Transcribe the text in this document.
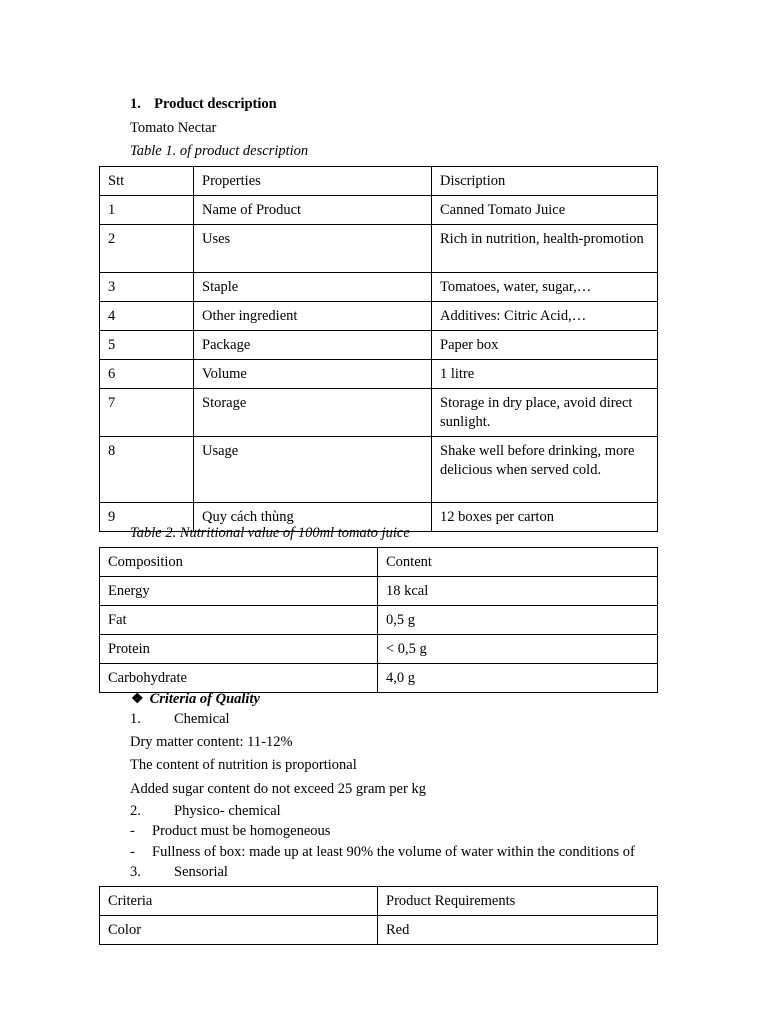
1. Product description
Tomato Nectar
Table 1. of product description
Stt	Properties	Discription
1	Name of Product	Canned Tomato Juice
2	Uses	Rich in nutrition, health-promotion
3	Staple	Tomatoes, water, sugar,…
4	Other ingredient	Additives: Citric Acid,…
5	Package	Paper box
6	Volume	1 litre
7	Storage	Storage in dry place, avoid direct sunlight.
8	Usage	Shake well before drinking, more delicious when served cold.
9	Quy cách thùng	12 boxes per carton
Table 2. Nutritional value of 100ml tomato juice
Composition	Content
Energy	18 kcal
Fat	0,5 g
Protein	< 0,5 g
Carbohydrate	4,0 g
❖ Criteria of Quality
1. Chemical
Dry matter content: 11-12%
The content of nutrition is proportional
Added sugar content do not exceed 25 gram per kg
2. Physico- chemical
- Product must be homogeneous
- Fullness of box: made up at least 90% the volume of water within the conditions of
3. Sensorial
Criteria	Product Requirements
Color	Red
